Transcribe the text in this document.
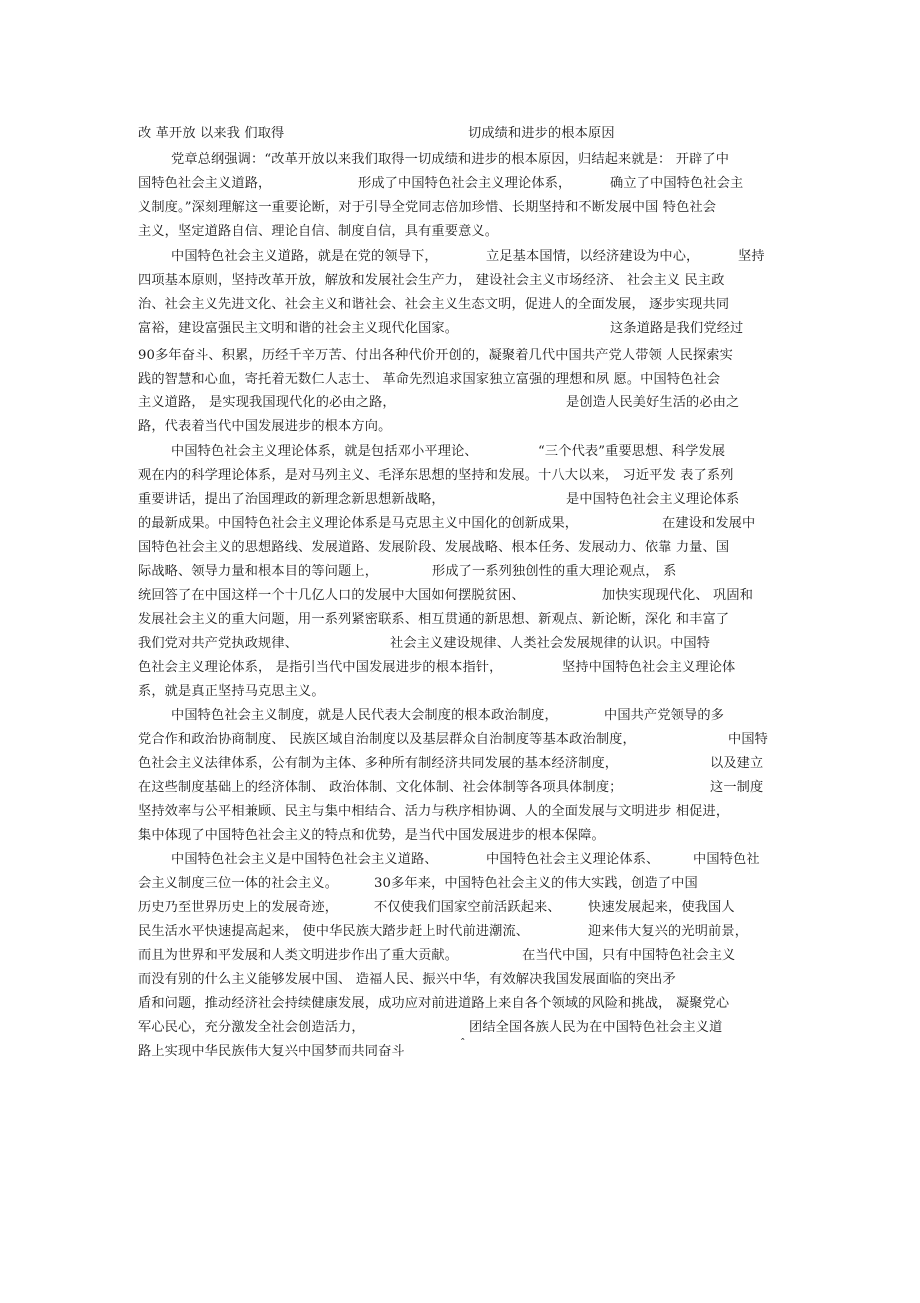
改 革开放 以来我 们取得	切成绩和进步的根本原因
党章总纲强调：“改革开放以来我们取得一切成绩和进步的根本原因，归结起来就是： 开辟了中
国特色社会主义道路，	形成了中国特色社会主义理论体系，	确立了中国特色社会主
义制度。”深刻理解这一重要论断，对于引导全党同志倍加珍惜、长期坚持和不断发展中国 特色社会
主义，坚定道路自信、理论自信、制度自信，具有重要意义。
中国特色社会主义道路，就是在党的领导下，	立足基本国情，以经济建设为中心，	坚持
四项基本原则，坚持改革开放，解放和发展社会生产力， 建设社会主义市场经济、 社会主义 民主政
治、社会主义先进文化、社会主义和谐社会、社会主义生态文明，促进人的全面发展， 逐步实现共同
富裕，建设富强民主文明和谐的社会主义现代化国家。	这条道路是我们党经过
90多年奋斗、积累，历经千辛万苦、付出各种代价开创的，凝聚着几代中国共产党人带领 人民探索实
践的智慧和心血，寄托着无数仁人志士、 革命先烈追求国家独立富强的理想和夙 愿。中国特色社会
主义道路， 是实现我国现代化的必由之路，	是创造人民美好生活的必由之
路，代表着当代中国发展进步的根本方向。
中国特色社会主义理论体系，就是包括邓小平理论、	“三个代表”重要思想、科学发展
观在内的科学理论体系，是对马列主义、毛泽东思想的坚持和发展。十八大以来， 习近平发 表了系列
重要讲话，提出了治国理政的新理念新思想新战略，	是中国特色社会主义理论体系
的最新成果。中国特色社会主义理论体系是马克思主义中国化的创新成果，	在建设和发展中
国特色社会主义的思想路线、发展道路、发展阶段、发展战略、根本任务、发展动力、依靠 力量、国
际战略、领导力量和根本目的等问题上，	形成了一系列独创性的重大理论观点， 系
统回答了在中国这样一个十几亿人口的发展中大国如何摆脱贫困、	加快实现现代化、 巩固和
发展社会主义的重大问题，用一系列紧密联系、相互贯通的新思想、新观点、新论断，深化 和丰富了
我们党对共产党执政规律、	社会主义建设规律、人类社会发展规律的认识。中国特
色社会主义理论体系， 是指引当代中国发展进步的根本指针，	坚持中国特色社会主义理论体
系，就是真正坚持马克思主义。
中国特色社会主义制度，就是人民代表大会制度的根本政治制度，	中国共产党领导的多
党合作和政治协商制度、 民族区域自治制度以及基层群众自治制度等基本政治制度，	中国特
色社会主义法律体系，公有制为主体、多种所有制经济共同发展的基本经济制度，	以及建立
在这些制度基础上的经济体制、 政治体制、文化体制、社会体制等各项具体制度；	这一制度
坚持效率与公平相兼顾、民主与集中相结合、活力与秩序相协调、人的全面发展与文明进步 相促进，
集中体现了中国特色社会主义的特点和优势，是当代中国发展进步的根本保障。
中国特色社会主义是中国特色社会主义道路、	中国特色社会主义理论体系、	中国特色社
会主义制度三位一体的社会主义。	30多年来，中国特色社会主义的伟大实践，创造了中国
历史乃至世界历史上的发展奇迹，	不仅使我们国家空前活跃起来、 快速发展起来，使我国人
民生活水平快速提高起来， 使中华民族大踏步赶上时代前进潮流、	迎来伟大复兴的光明前景，
而且为世界和平发展和人类文明进步作出了重大贡献。	在当代中国，只有中国特色社会主义
而没有别的什么主义能够发展中国、 造福人民、振兴中华，有效解决我国发展面临的突出矛
盾和问题，推动经济社会持续健康发展，成功应对前进道路上来自各个领域的风险和挑战， 凝聚党心
军心民心，充分激发全社会创造活力，	团结全国各族人民为在中国特色社会主义道
路上实现中华民族伟大复兴中国梦而共同奋斗
ˆ
